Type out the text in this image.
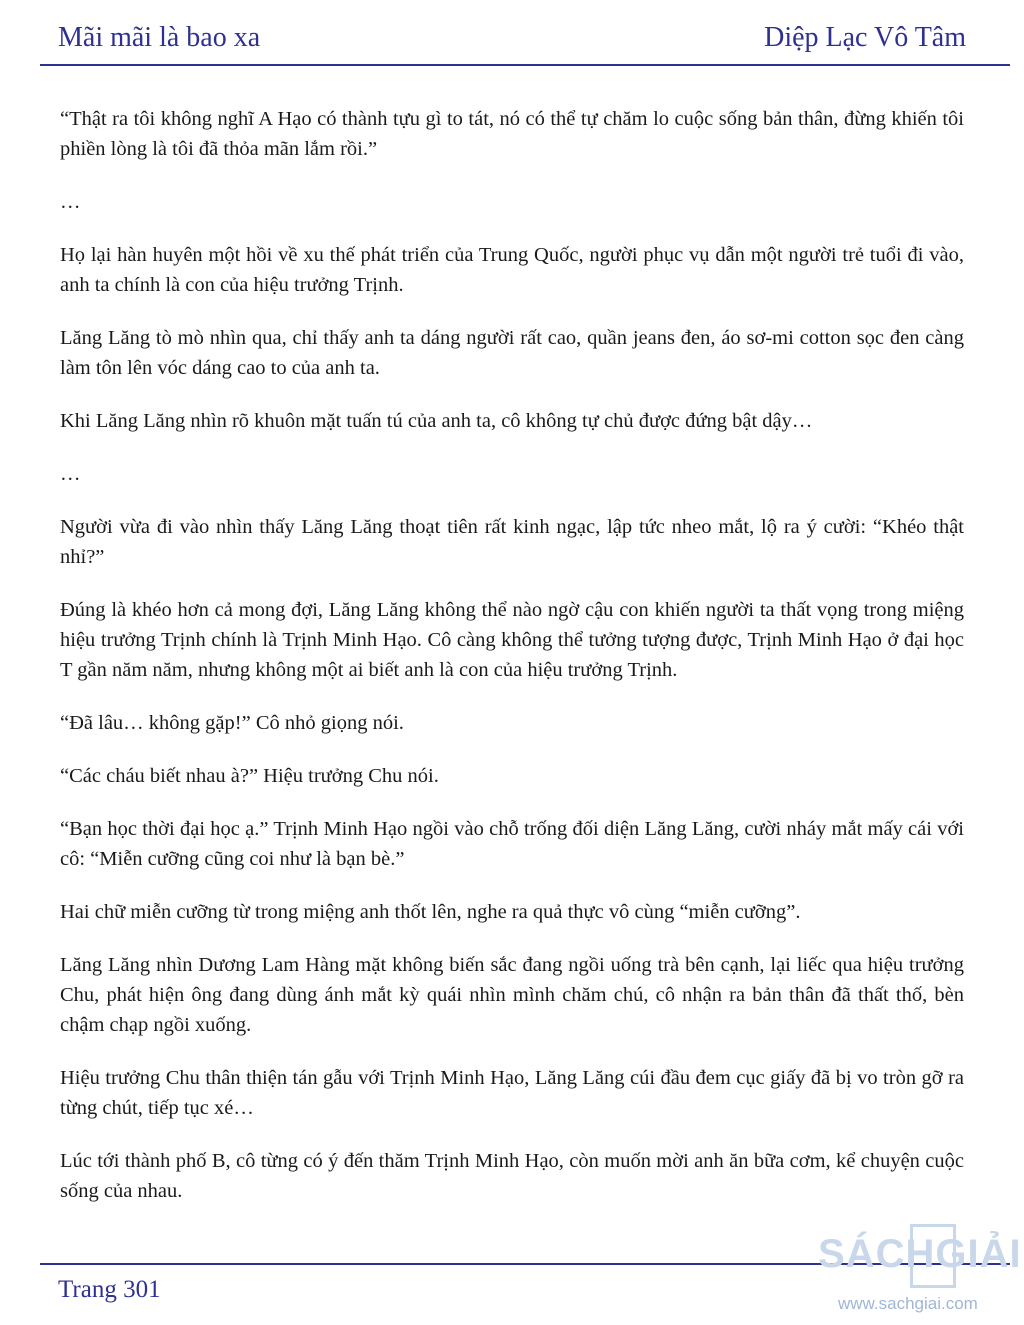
Mãi mãi là bao xa	Diệp Lạc Vô Tâm

“Thật ra tôi không nghĩ A Hạo có thành tựu gì to tát, nó có thể tự chăm lo cuộc sống bản thân, đừng khiến tôi phiền lòng là tôi đã thỏa mãn lắm rồi.”

…

Họ lại hàn huyên một hồi về xu thế phát triển của Trung Quốc, người phục vụ dẫn một người trẻ tuổi đi vào, anh ta chính là con của hiệu trưởng Trịnh.

Lăng Lăng tò mò nhìn qua, chỉ thấy anh ta dáng người rất cao, quần jeans đen, áo sơ-mi cotton sọc đen càng làm tôn lên vóc dáng cao to của anh ta.

Khi Lăng Lăng nhìn rõ khuôn mặt tuấn tú của anh ta, cô không tự chủ được đứng bật dậy…

…

Người vừa đi vào nhìn thấy Lăng Lăng thoạt tiên rất kinh ngạc, lập tức nheo mắt, lộ ra ý cười: “Khéo thật nhỉ?”

Đúng là khéo hơn cả mong đợi, Lăng Lăng không thể nào ngờ cậu con khiến người ta thất vọng trong miệng hiệu trưởng Trịnh chính là Trịnh Minh Hạo. Cô càng không thể tưởng tượng được, Trịnh Minh Hạo ở đại học T gần năm năm, nhưng không một ai biết anh là con của hiệu trưởng Trịnh.

“Đã lâu… không gặp!” Cô nhỏ giọng nói.

“Các cháu biết nhau à?” Hiệu trưởng Chu nói.

“Bạn học thời đại học ạ.” Trịnh Minh Hạo ngồi vào chỗ trống đối diện Lăng Lăng, cười nháy mắt mấy cái với cô: “Miễn cưỡng cũng coi như là bạn bè.”

Hai chữ miễn cưỡng từ trong miệng anh thốt lên, nghe ra quả thực vô cùng “miễn cưỡng”.

Lăng Lăng nhìn Dương Lam Hàng mặt không biến sắc đang ngồi uống trà bên cạnh, lại liếc qua hiệu trưởng Chu, phát hiện ông đang dùng ánh mắt kỳ quái nhìn mình chăm chú, cô nhận ra bản thân đã thất thố, bèn chậm chạp ngồi xuống.

Hiệu trưởng Chu thân thiện tán gẫu với Trịnh Minh Hạo, Lăng Lăng cúi đầu đem cục giấy đã bị vo tròn gỡ ra từng chút, tiếp tục xé…

Lúc tới thành phố B, cô từng có ý đến thăm Trịnh Minh Hạo, còn muốn mời anh ăn bữa cơm, kể chuyện cuộc sống của nhau.

Trang 301
SÁCHGIẢI
www.sachgiai.com
